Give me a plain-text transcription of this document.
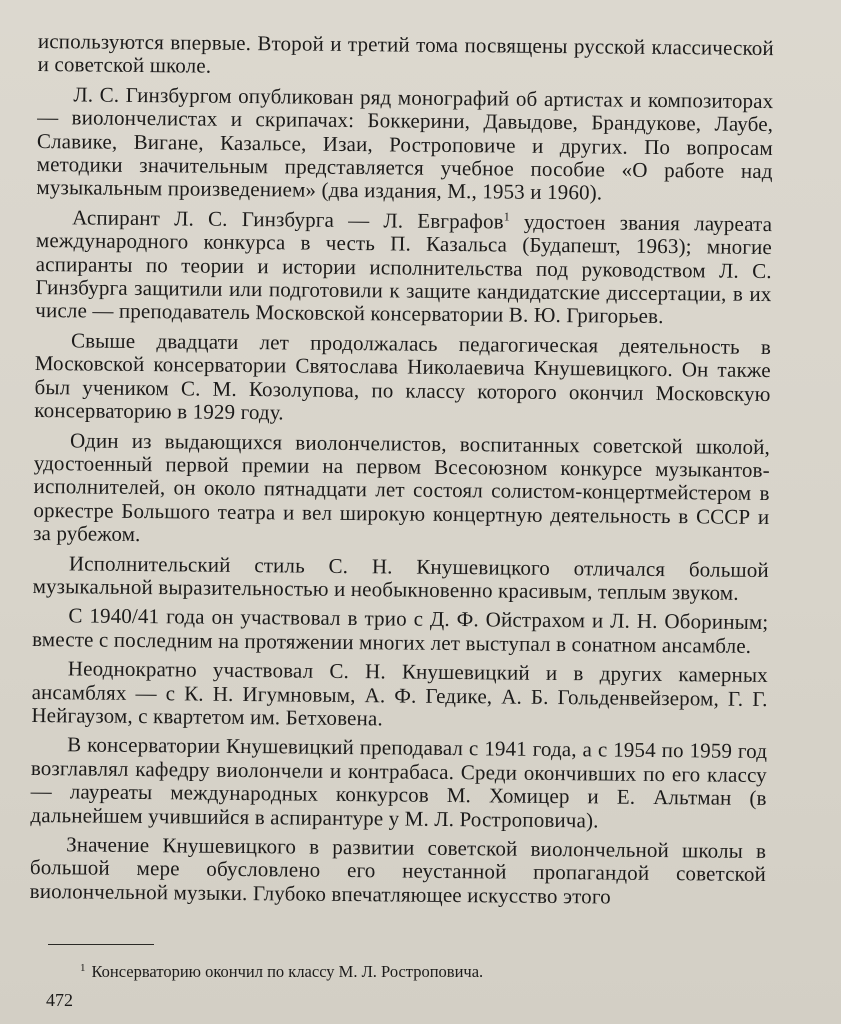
используются впервые. Второй и третий тома посвящены русской классической и советской школе.

Л. С. Гинзбургом опубликован ряд монографий об артистах и композиторах — виолончелистах и скрипачах: Боккерини, Давыдове, Брандукове, Лаубе, Славике, Вигане, Казальсе, Изаи, Ростроповиче и других. По вопросам методики значительным представляется учебное пособие «О работе над музыкальным произведением» (два издания, М., 1953 и 1960).

Аспирант Л. С. Гинзбурга — Л. Евграфов$^1$ удостоен звания лауреата международного конкурса в честь П. Казальса (Будапешт, 1963); многие аспиранты по теории и истории исполнительства под руководством Л. С. Гинзбурга защитили или подготовили к защите кандидатские диссертации, в их числе — преподаватель Московской консерватории В. Ю. Григорьев.

Свыше двадцати лет продолжалась педагогическая деятельность в Московской консерватории Святослава Николаевича Кнушевицкого. Он также был учеником С. М. Козолупова, по классу которого окончил Московскую консерваторию в 1929 году.

Один из выдающихся виолончелистов, воспитанных советской школой, удостоенный первой премии на первом Всесоюзном конкурсе музыкантов-исполнителей, он около пятнадцати лет состоял солистом-концертмейстером в оркестре Большого театра и вел широкую концертную деятельность в СССР и за рубежом.

Исполнительский стиль С. Н. Кнушевицкого отличался большой музыкальной выразительностью и необыкновенно красивым, теплым звуком.

С 1940/41 года он участвовал в трио с Д. Ф. Ойстрахом и Л. Н. Обориным; вместе с последним на протяжении многих лет выступал в сонатном ансамбле.

Неоднократно участвовал С. Н. Кнушевицкий и в других камерных ансамблях — с К. Н. Игумновым, А. Ф. Гедике, А. Б. Гольденвейзером, Г. Г. Нейгаузом, с квартетом им. Бетховена.

В консерватории Кнушевицкий преподавал с 1941 года, а с 1954 по 1959 год возглавлял кафедру виолончели и контрабаса. Среди окончивших по его классу — лауреаты международных конкурсов М. Хомицер и Е. Альтман (в дальнейшем учившийся в аспирантуре у М. Л. Ростроповича).

Значение Кнушевицкого в развитии советской виолончельной школы в большой мере обусловлено его неустанной пропагандой советской виолончельной музыки. Глубоко впечатляющее искусство этого

$^1$ Консерваторию окончил по классу М. Л. Ростроповича.
472
